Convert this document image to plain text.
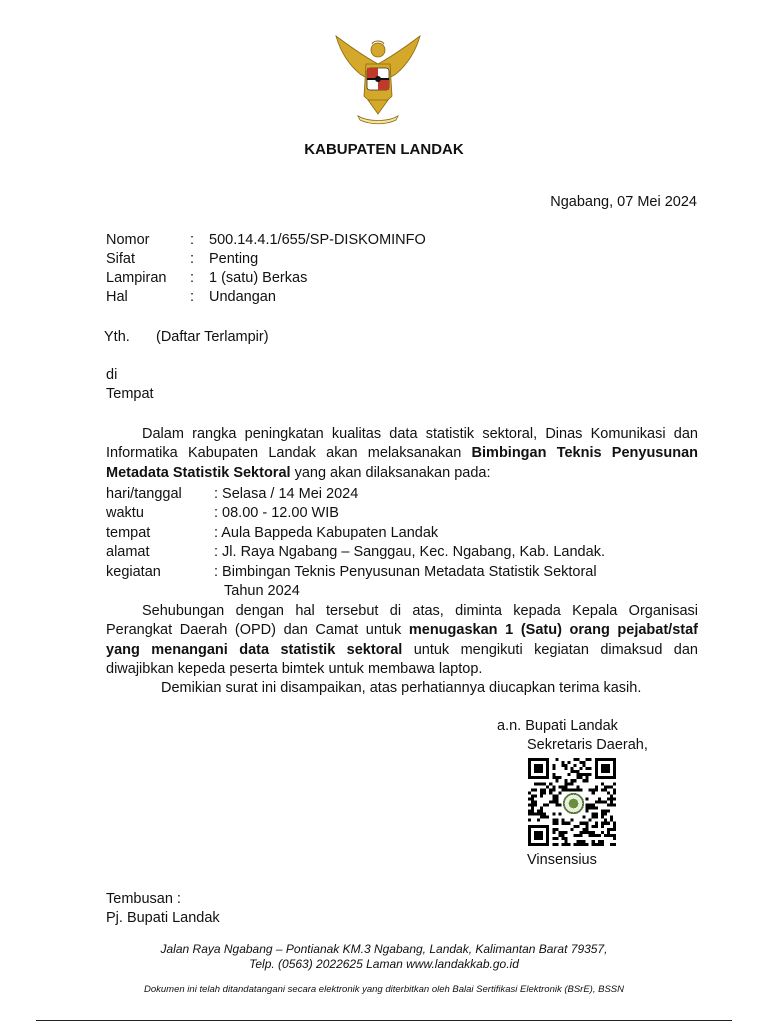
KABUPATEN LANDAK
Ngabang, 07 Mei 2024
Nomor	: 500.14.4.1/655/SP-DISKOMINFO
Sifat	: Penting
Lampiran : 1 (satu) Berkas
Hal	: Undangan
Yth. (Daftar Terlampir)
di
Tempat
Dalam rangka peningkatan kualitas data statistik sektoral, Dinas Komunikasi dan Informatika Kabupaten Landak akan melaksanakan Bimbingan Teknis Penyusunan Metadata Statistik Sektoral yang akan dilaksanakan pada:
hari/tanggal : Selasa / 14 Mei 2024
waktu	: 08.00 - 12.00 WIB
tempat	: Aula Bappeda Kabupaten Landak
alamat	: Jl. Raya Ngabang – Sanggau, Kec. Ngabang, Kab. Landak.
kegiatan	: Bimbingan Teknis Penyusunan Metadata Statistik Sektoral
Tahun 2024
Sehubungan dengan hal tersebut di atas, diminta kepada Kepala Organisasi Perangkat Daerah (OPD) dan Camat untuk menugaskan 1 (Satu) orang pejabat/staf yang menangani data statistik sektoral untuk mengikuti kegiatan dimaksud dan diwajibkan kepeda peserta bimtek untuk membawa laptop.
Demikian surat ini disampaikan, atas perhatiannya diucapkan terima kasih.
a.n. Bupati Landak
Sekretaris Daerah,
Vinsensius
Tembusan :
Pj. Bupati Landak
Jalan Raya Ngabang – Pontianak KM.3 Ngabang, Landak, Kalimantan Barat 79357,
Telp. (0563) 2022625 Laman www.landakkab.go.id
Dokumen ini telah ditandatangani secara elektronik yang diterbitkan oleh Balai Sertifikasi Elektronik (BSrE), BSSN
